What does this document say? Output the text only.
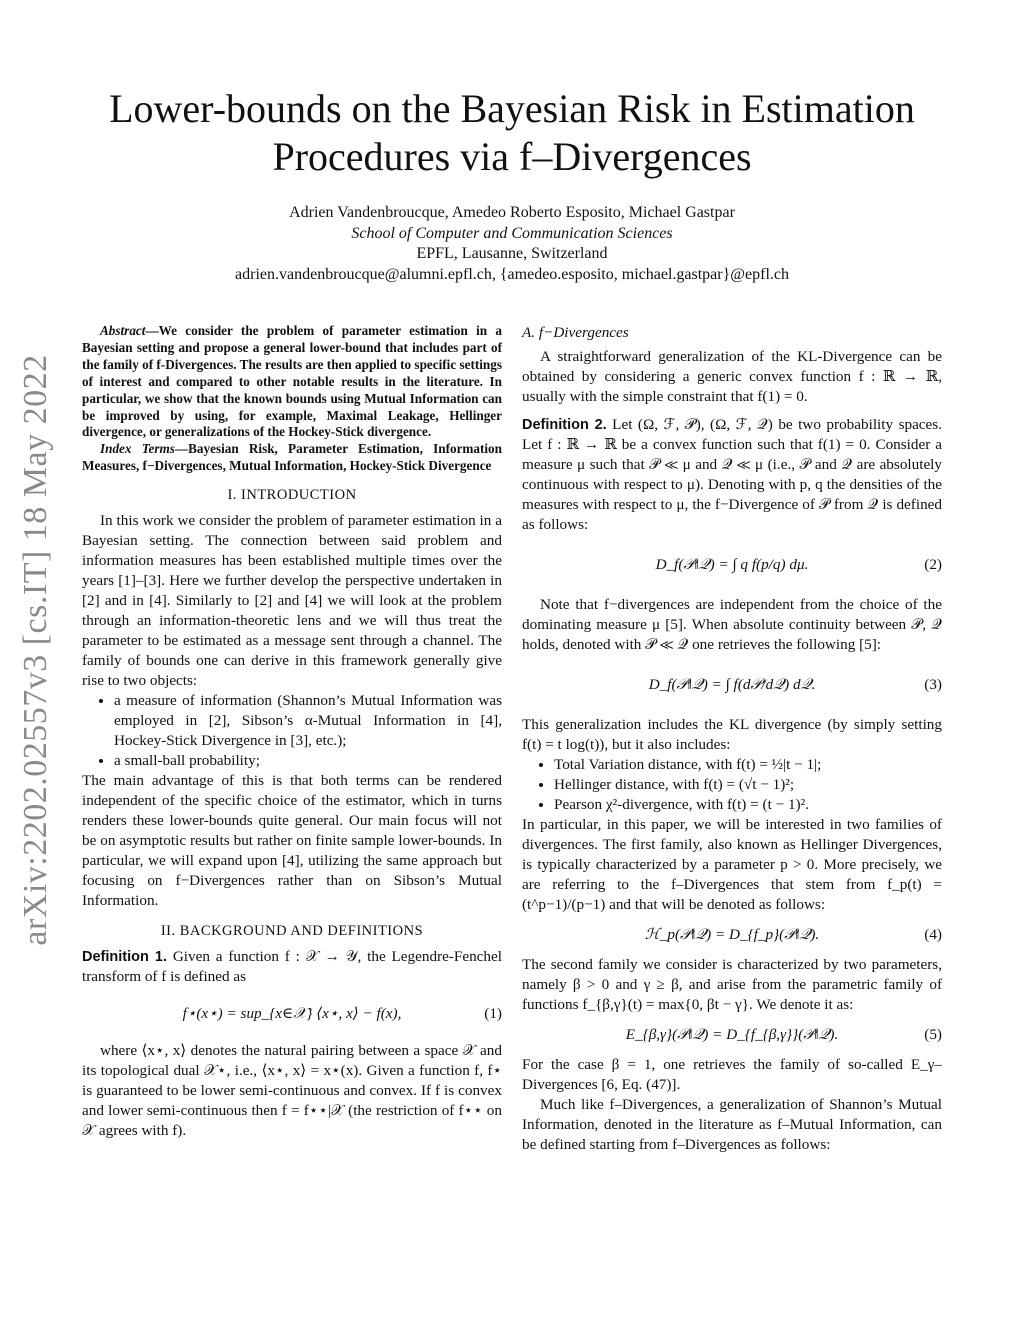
arXiv:2202.02557v3 [cs.IT] 18 May 2022
Lower-bounds on the Bayesian Risk in Estimation
Procedures via f–Divergences
Adrien Vandenbroucque, Amedeo Roberto Esposito, Michael Gastpar
School of Computer and Communication Sciences
EPFL, Lausanne, Switzerland
adrien.vandenbroucque@alumni.epfl.ch, {amedeo.esposito, michael.gastpar}@epfl.ch

Abstract—We consider the problem of parameter estimation in a Bayesian setting and propose a general lower-bound that includes part of the family of f-Divergences. The results are then applied to specific settings of interest and compared to other notable results in the literature. In particular, we show that the known bounds using Mutual Information can be improved by using, for example, Maximal Leakage, Hellinger divergence, or generalizations of the Hockey-Stick divergence.

Index Terms—Bayesian Risk, Parameter Estimation, Information Measures, f−Divergences, Mutual Information, Hockey-Stick Divergence

I. INTRODUCTION

In this work we consider the problem of parameter estimation in a Bayesian setting. The connection between said problem and information measures has been established multiple times over the years [1]–[3]. Here we further develop the perspective undertaken in [2] and in [4]. Similarly to [2] and [4] we will look at the problem through an information-theoretic lens and we will thus treat the parameter to be estimated as a message sent through a channel. The family of bounds one can derive in this framework generally give rise to two objects:

• a measure of information (Shannon’s Mutual Information was employed in [2], Sibson’s α-Mutual Information in [4], Hockey-Stick Divergence in [3], etc.);
• a small-ball probability;

The main advantage of this is that both terms can be rendered independent of the specific choice of the estimator, which in turns renders these lower-bounds quite general. Our main focus will not be on asymptotic results but rather on finite sample lower-bounds. In particular, we will expand upon [4], utilizing the same approach but focusing on f−Divergences rather than on Sibson’s Mutual Information.

II. BACKGROUND AND DEFINITIONS

Definition 1. Given a function f : 𝒳 → 𝒴, the Legendre-Fenchel transform of f is defined as

f⋆(x⋆) = sup_{x∈𝒳} ⟨x⋆, x⟩ − f(x),	(1)

where ⟨x⋆, x⟩ denotes the natural pairing between a space 𝒳 and its topological dual 𝒳⋆, i.e., ⟨x⋆, x⟩ = x⋆(x). Given a function f, f⋆ is guaranteed to be lower semi-continuous and convex. If f is convex and lower semi-continuous then f = f⋆⋆|𝒳 (the restriction of f⋆⋆ on 𝒳 agrees with f).

A. f−Divergences

A straightforward generalization of the KL-Divergence can be obtained by considering a generic convex function f : ℝ → ℝ, usually with the simple constraint that f(1) = 0.

Definition 2. Let (Ω, ℱ, 𝒫), (Ω, ℱ, 𝒬) be two probability spaces. Let f : ℝ → ℝ be a convex function such that f(1) = 0. Consider a measure μ such that 𝒫 ≪ μ and 𝒬 ≪ μ (i.e., 𝒫 and 𝒬 are absolutely continuous with respect to μ). Denoting with p, q the densities of the measures with respect to μ, the f−Divergence of 𝒫 from 𝒬 is defined as follows:

D_f(𝒫‖𝒬) = ∫ q f(p/q) dμ.	(2)

Note that f−divergences are independent from the choice of the dominating measure μ [5]. When absolute continuity between 𝒫, 𝒬 holds, denoted with 𝒫 ≪ 𝒬 one retrieves the following [5]:

D_f(𝒫‖𝒬) = ∫ f(d𝒫/d𝒬) d𝒬.	(3)

This generalization includes the KL divergence (by simply setting f(t) = t log(t)), but it also includes:

• Total Variation distance, with f(t) = ½|t − 1|;
• Hellinger distance, with f(t) = (√t − 1)²;
• Pearson χ²-divergence, with f(t) = (t − 1)².

In particular, in this paper, we will be interested in two families of divergences. The first family, also known as Hellinger Divergences, is typically characterized by a parameter p > 0. More precisely, we are referring to the f–Divergences that stem from f_p(t) = (t^p−1)/(p−1) and that will be denoted as follows:

ℋ_p(𝒫‖𝒬) = D_{f_p}(𝒫‖𝒬).	(4)

The second family we consider is characterized by two parameters, namely β > 0 and γ ≥ β, and arise from the parametric family of functions f_{β,γ}(t) = max{0, βt − γ}. We denote it as:

E_{β,γ}(𝒫‖𝒬) = D_{f_{β,γ}}(𝒫‖𝒬).	(5)

For the case β = 1, one retrieves the family of so-called E_γ–Divergences [6, Eq. (47)].

Much like f–Divergences, a generalization of Shannon’s Mutual Information, denoted in the literature as f–Mutual Information, can be defined starting from f–Divergences as follows:
